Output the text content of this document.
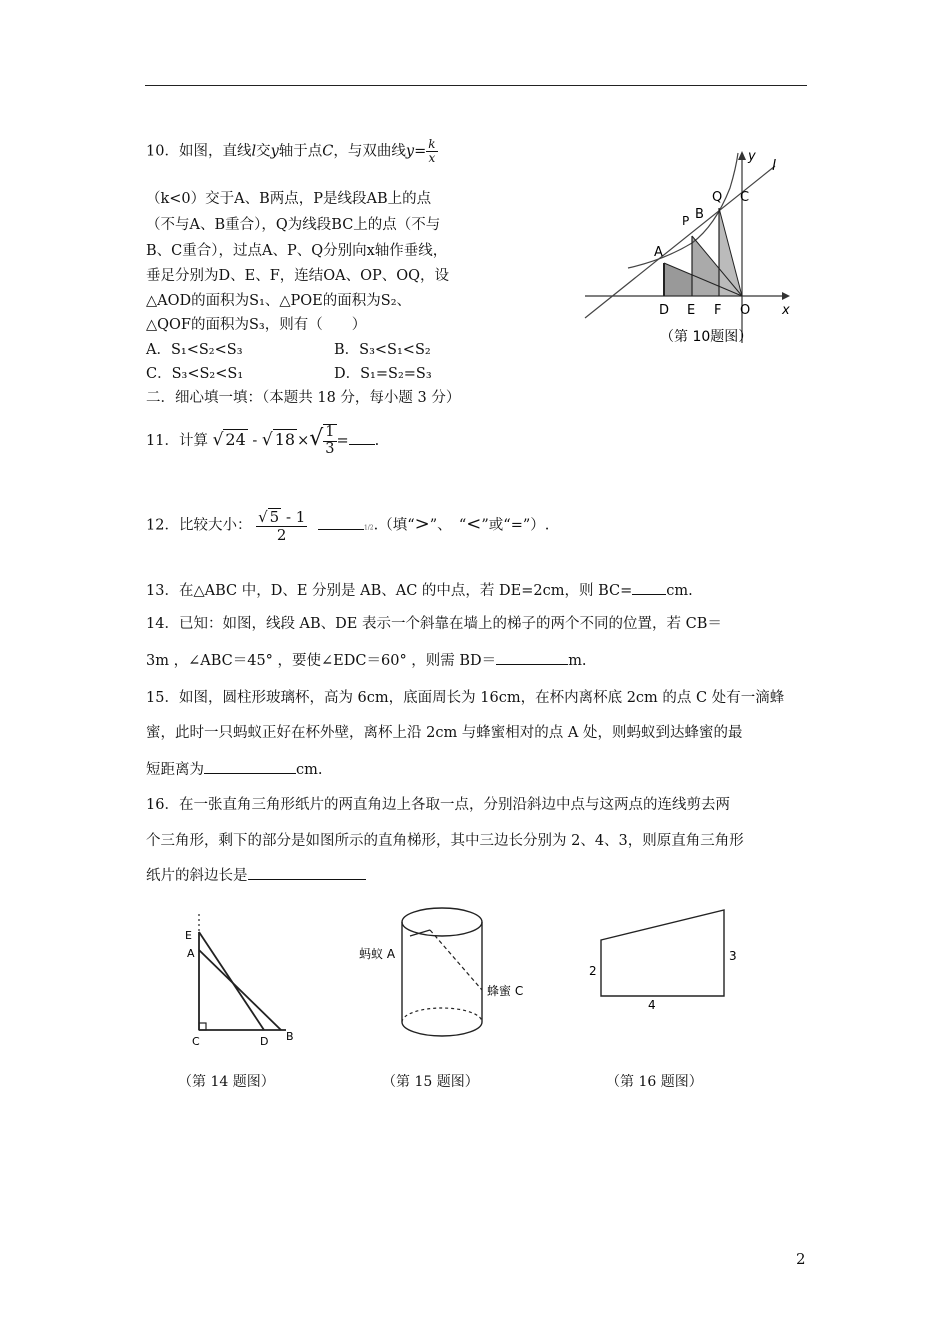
10．如图，直线l交y轴于点C，与双曲线$y= \frac{k}{x}$
（k<0）交于A、B两点，P是线段AB上的点
（不与A、B重合），Q为线段BC上的点（不与
B、C重合），过点A、P、Q分别向x轴作垂线，
垂足分别为D、E、F，连结OA、OP、OQ，设
△AOD的面积为S₁、△POE的面积为S₂、
△QOF的面积为S₃，则有（　　）
A．S₁<S₂<S₃	B．S₃<S₁<S₂
C．S₃<S₂<S₁	D．S₁=S₂=S₃
y
l
Q C
B
P
A
D E F O x
（第 10题图）
二．细心填一填：（本题共 18 分，每小题 3 分）
11．计算 √ 24 - √ 18 ×√ $\frac{1}{3}$ = .
12．比较大小： $\frac{√ 5 - 1}{2}$	1/2.（填“>”、　“<”或“=”）.
13．在△ABC 中，D、E 分别是 AB、AC 的中点，若 DE=2cm，则 BC= cm.
14．已知：如图，线段 AB、DE 表示一个斜靠在墙上的梯子的两个不同的位置，若 CB＝
3m ，∠ABC＝45° ，要使∠EDC＝60° ，则需 BD＝	m.
15．如图，圆柱形玻璃杯，高为 6cm，底面周长为 16cm，在杯内离杯底 2cm 的点 C 处有一滴蜂
蜜，此时一只蚂蚁正好在杯外壁，离杯上沿 2cm 与蜂蜜相对的点 A 处，则蚂蚁到达蜂蜜的最
短距离为	cm.
16．在一张直角三角形纸片的两直角边上各取一点，分别沿斜边中点与这两点的连线剪去两
个三角形，剩下的部分是如图所示的直角梯形，其中三边长分别为 2、4、3，则原直角三角形
纸片的斜边长是
E
A
C	D B
（第 14 题图）
蚂蚁 A
蜂蜜 C
（第 15 题图）
2
4
3
（第 16 题图）
2
